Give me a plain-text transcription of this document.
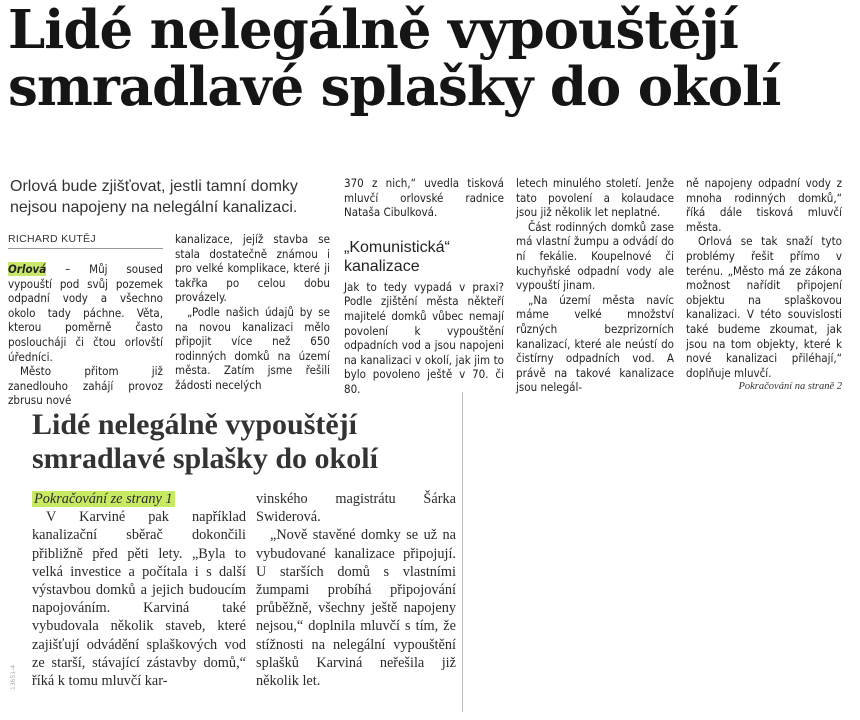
Lidé nelegálně vypouštějí
smradlavé splašky do okolí

Orlová bude zjišťovat, jestli tamní domky nejsou napojeny na nelegální kanalizaci.

RICHARD KUTĚJ

Orlová – Můj soused vypouští pod svůj pozemek odpadní vody a všechno okolo tady páchne. Věta, kterou poměrně často posloucháji či čtou orlovští úředníci.

Město přitom již zanedlouho zahájí provoz zbrusu nové

kanalizace, jejíž stavba se stala dostatečně známou i pro velké komplikace, které ji takřka po celou dobu provázely.

„Podle našich údajů by se na novou kanalizaci mělo připojit více než 650 rodinných domků na území města. Zatím jsme řešili žádosti necelých

370 z nich,“ uvedla tisková mluvčí orlovské radnice Nataša Cibulková.

„Komunistická“ kanalizace

Jak to tedy vypadá v praxi? Podle zjištění města někteří majitelé domků vůbec nemají povolení k vypouštění odpadních vod a jsou napojeni na kanalizaci v okolí, jak jim to bylo povoleno ještě v 70. či 80.

letech minulého století. Jenže tato povolení a kolaudace jsou již několik let neplatné.

Část rodinných domků zase má vlastní žumpu a odvádí do ní fekálie. Koupelnové či kuchyňské odpadní vody ale vypouští jinam.

„Na území města navíc máme velké množství různých bezprizorních kanalizací, které ale neústí do čistírny odpadních vod. A právě na takové kanalizace jsou nelegál-

ně napojeny odpadní vody z mnoha rodinných domků,“ říká dále tisková mluvčí města.

Orlová se tak snaží tyto problémy řešit přímo v terénu. „Město má ze zákona možnost nařídit připojení objektu na splaškovou kanalizaci. V této souvislosti také budeme zkoumat, jak jsou na tom objekty, které k nové kanalizaci přiléhají,“ doplňuje mluvčí.

Pokračování na straně 2
Lidé nelegálně vypouštějí
smradlavé splašky do okolí

Pokračování ze strany 1

V Karviné pak například kanalizační sběrač dokončili přibližně před pěti lety. „Byla to velká investice a počítala i s další výstavbou domků a jejich budoucím napojováním. Karviná také vybudovala několik staveb, které zajišťují odvádění splaškových vod ze starší, stávající zástavby domů,“ říká k tomu mluvčí kar-

vinského magistrátu Šárka Swiderová.

„Nově stavěné domky se už na vybudované kanalizace připojují. U starších domů s vlastními žumpami probíhá připojování průběžně, všechny ještě napojeny nejsou,“ doplnila mluvčí s tím, že stížnosti na nelegální vypouštění splašků Karviná neřešila již několik let.

13651-4
